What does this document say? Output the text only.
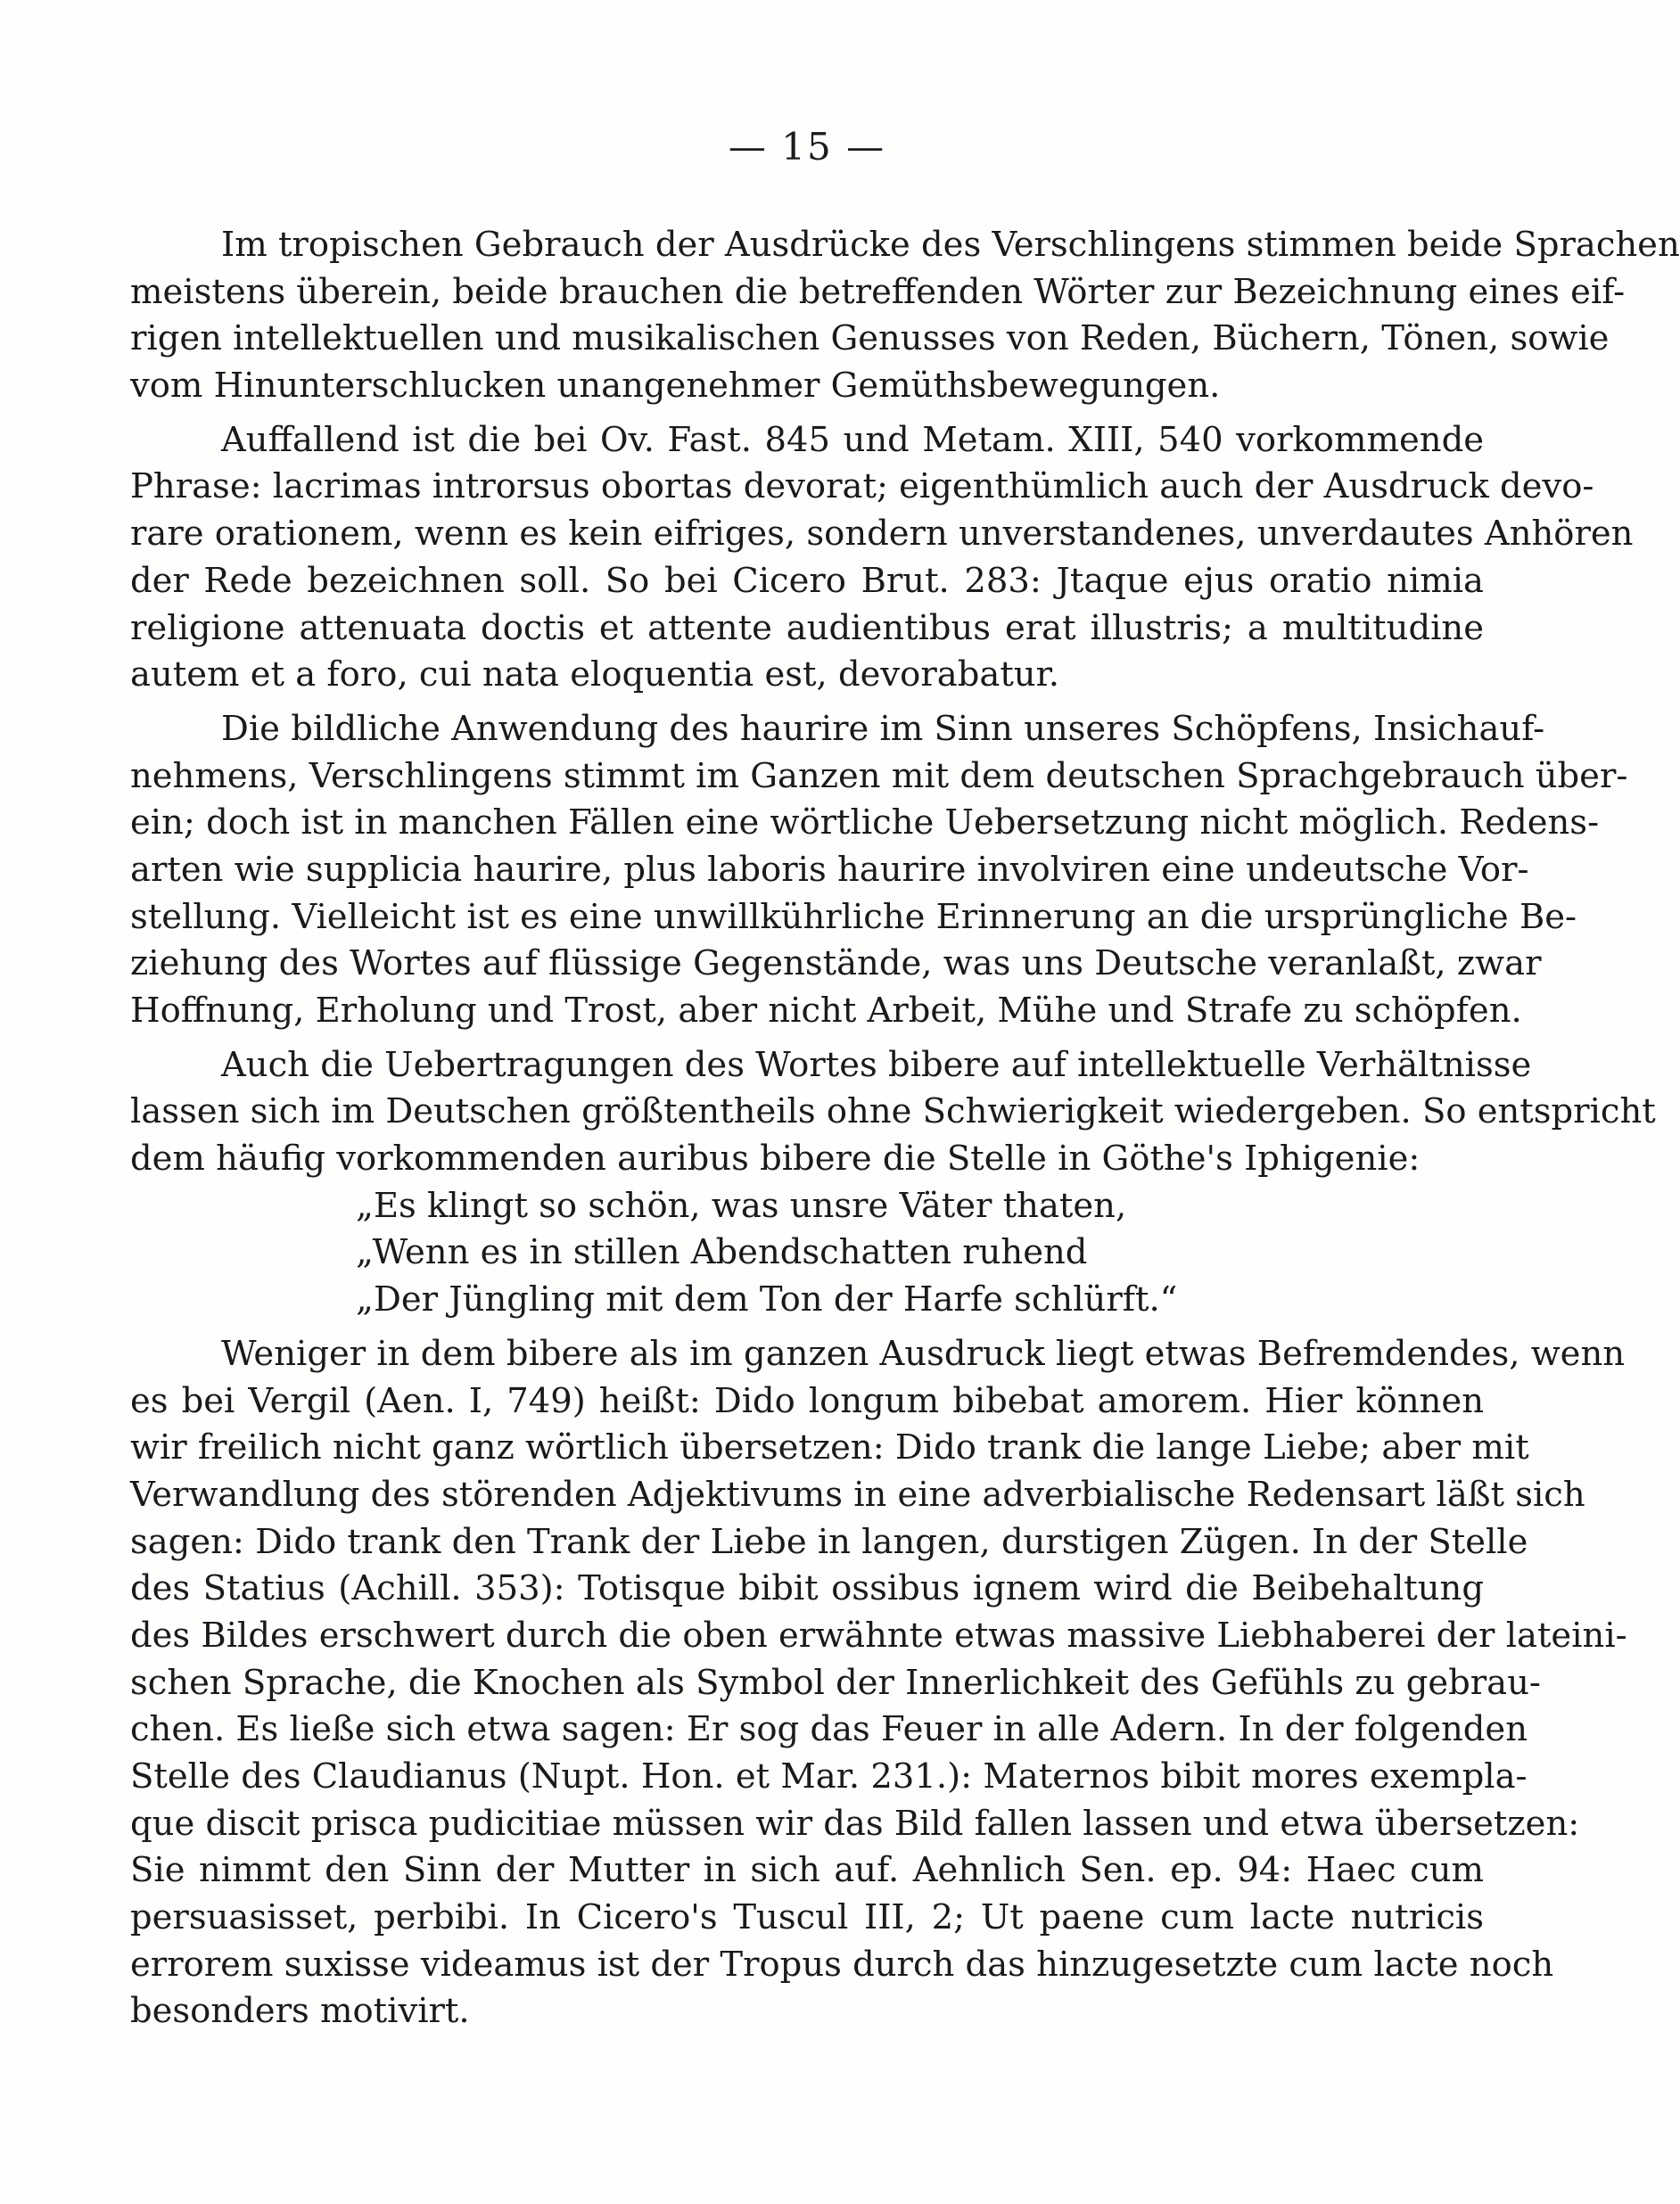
— 15 —
Im tropischen Gebrauch der Ausdrücke des Verschlingens stimmen beide Sprachen
meistens überein, beide brauchen die betreffenden Wörter zur Bezeichnung eines eif-
rigen intellektuellen und musikalischen Genusses von Reden, Büchern, Tönen, sowie
vom Hinunterschlucken unangenehmer Gemüthsbewegungen.
Auffallend ist die bei Ov. Fast. 845 und Metam. XIII, 540 vorkommende
Phrase: lacrimas introrsus obortas devorat; eigenthümlich auch der Ausdruck devo-
rare orationem, wenn es kein eifriges, sondern unverstandenes, unverdautes Anhören
der Rede bezeichnen soll. So bei Cicero Brut. 283: Jtaque ejus oratio nimia
religione attenuata doctis et attente audientibus erat illustris; a multitudine
autem et a foro, cui nata eloquentia est, devorabatur.
Die bildliche Anwendung des haurire im Sinn unseres Schöpfens, Insichauf-
nehmens, Verschlingens stimmt im Ganzen mit dem deutschen Sprachgebrauch über-
ein; doch ist in manchen Fällen eine wörtliche Uebersetzung nicht möglich. Redens-
arten wie supplicia haurire, plus laboris haurire involviren eine undeutsche Vor-
stellung. Vielleicht ist es eine unwillkührliche Erinnerung an die ursprüngliche Be-
ziehung des Wortes auf flüssige Gegenstände, was uns Deutsche veranlaßt, zwar
Hoffnung, Erholung und Trost, aber nicht Arbeit, Mühe und Strafe zu schöpfen.
Auch die Uebertragungen des Wortes bibere auf intellektuelle Verhältnisse
lassen sich im Deutschen größtentheils ohne Schwierigkeit wiedergeben. So entspricht
dem häufig vorkommenden auribus bibere die Stelle in Göthe's Iphigenie:
„Es klingt so schön, was unsre Väter thaten,
„Wenn es in stillen Abendschatten ruhend
„Der Jüngling mit dem Ton der Harfe schlürft.“
Weniger in dem bibere als im ganzen Ausdruck liegt etwas Befremdendes, wenn
es bei Vergil (Aen. I, 749) heißt: Dido longum bibebat amorem. Hier können
wir freilich nicht ganz wörtlich übersetzen: Dido trank die lange Liebe; aber mit
Verwandlung des störenden Adjektivums in eine adverbialische Redensart läßt sich
sagen: Dido trank den Trank der Liebe in langen, durstigen Zügen. In der Stelle
des Statius (Achill. 353): Totisque bibit ossibus ignem wird die Beibehaltung
des Bildes erschwert durch die oben erwähnte etwas massive Liebhaberei der lateini-
schen Sprache, die Knochen als Symbol der Innerlichkeit des Gefühls zu gebrau-
chen. Es ließe sich etwa sagen: Er sog das Feuer in alle Adern. In der folgenden
Stelle des Claudianus (Nupt. Hon. et Mar. 231.): Maternos bibit mores exempla-
que discit prisca pudicitiae müssen wir das Bild fallen lassen und etwa übersetzen:
Sie nimmt den Sinn der Mutter in sich auf. Aehnlich Sen. ep. 94: Haec cum
persuasisset, perbibi. In Cicero's Tuscul III, 2; Ut paene cum lacte nutricis
errorem suxisse videamus ist der Tropus durch das hinzugesetzte cum lacte noch
besonders motivirt.
